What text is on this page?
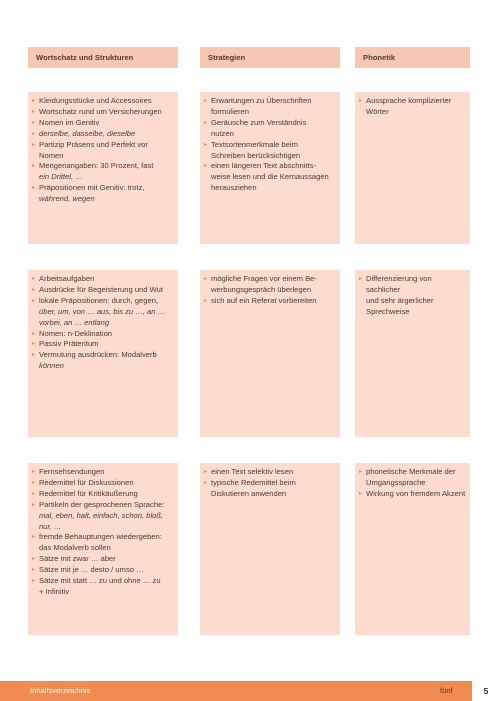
Wortschatz und Strukturen	Strategien	Phonetik
▸ Kleidungsstücke und Accessoires
▸ Wortschatz rund um Versicherungen
▸ Nomen im Genitiv
▸ derselbe, dasselbe, dieselbe
▸ Partizip Präsens und Perfekt vor
Nomen
▸ Mengenangaben: 30 Prozent, fast
ein Drittel, …
▸ Präpositionen mit Genitiv: trotz,
während, wegen
▸ Erwartungen zu Überschriften
formulieren
▸ Geräusche zum Verständnis
nutzen
▸ Textsortenmerkmale beim
Schreiben berücksichtigen
▸ einen längeren Text abschnitts-
weise lesen und die Kernaussagen
herausziehen
▸ Aussprache komplizierter Wörter
▸ Arbeitsaufgaben
▸ Ausdrücke für Begeisterung und Wut
▸ lokale Präpositionen: durch, gegen,
über, um, von … aus, bis zu …, an …
vorbei, an … entlang
▸ Nomen: n-Deklination
▸ Passiv Präteritum
▸ Vermutung ausdrücken: Modalverb
können
▸ mögliche Fragen vor einem Be-
werbungsgespräch überlegen
▸ sich auf ein Referat vorbereiten
▸ Differenzierung von sachlicher
und sehr ärgerlicher Sprechweise
▸ Fernsehsendungen
▸ Redemittel für Diskussionen
▸ Redemittel für Kritikäußerung
▸ Partikeln der gesprochenen Sprache:
mal, eben, halt, einfach, schon, bloß,
nur, …
▸ fremde Behauptungen wiedergeben:
das Modalverb sollen
▸ Sätze mit zwar … aber
▸ Sätze mit je … desto / umso …
▸ Sätze mit statt … zu und ohne … zu
+ Infinitiv
▸ einen Text selektiv lesen
▸ typische Redemittel beim
Diskutieren anwenden
▸ phonetische Merkmale der
Umgangssprache
▸ Wirkung von fremdem Akzent
Inhaltsverzeichnis	fünf	5
